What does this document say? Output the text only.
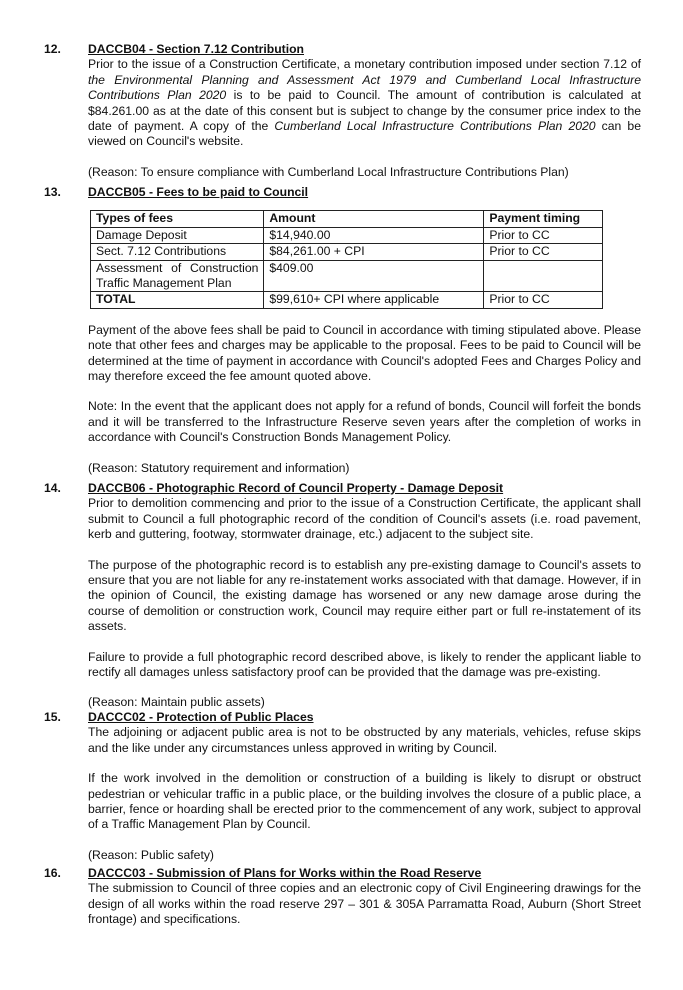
12. DACCB04 - Section 7.12 Contribution

Prior to the issue of a Construction Certificate, a monetary contribution imposed under section 7.12 of the Environmental Planning and Assessment Act 1979 and Cumberland Local Infrastructure Contributions Plan 2020 is to be paid to Council. The amount of contribution is calculated at $84.261.00 as at the date of this consent but is subject to change by the consumer price index to the date of payment. A copy of the Cumberland Local Infrastructure Contributions Plan 2020 can be viewed on Council's website.

(Reason: To ensure compliance with Cumberland Local Infrastructure Contributions Plan)

13. DACCB05 - Fees to be paid to Council
Types of fees	Amount	Payment timing
Damage Deposit	$14,940.00	Prior to CC
Sect. 7.12 Contributions	$84,261.00 + CPI	Prior to CC
Assessment of Construction Traffic Management Plan	$409.00	
TOTAL	$99,610+ CPI where applicable	Prior to CC

Payment of the above fees shall be paid to Council in accordance with timing stipulated above. Please note that other fees and charges may be applicable to the proposal. Fees to be paid to Council will be determined at the time of payment in accordance with Council's adopted Fees and Charges Policy and may therefore exceed the fee amount quoted above.

Note: In the event that the applicant does not apply for a refund of bonds, Council will forfeit the bonds and it will be transferred to the Infrastructure Reserve seven years after the completion of works in accordance with Council's Construction Bonds Management Policy.

(Reason: Statutory requirement and information)

14. DACCB06 - Photographic Record of Council Property - Damage Deposit

Prior to demolition commencing and prior to the issue of a Construction Certificate, the applicant shall submit to Council a full photographic record of the condition of Council's assets (i.e. road pavement, kerb and guttering, footway, stormwater drainage, etc.) adjacent to the subject site.

The purpose of the photographic record is to establish any pre-existing damage to Council's assets to ensure that you are not liable for any re-instatement works associated with that damage. However, if in the opinion of Council, the existing damage has worsened or any new damage arose during the course of demolition or construction work, Council may require either part or full re-instatement of its assets.

Failure to provide a full photographic record described above, is likely to render the applicant liable to rectify all damages unless satisfactory proof can be provided that the damage was pre-existing.

(Reason: Maintain public assets)

15. DACCC02 - Protection of Public Places

The adjoining or adjacent public area is not to be obstructed by any materials, vehicles, refuse skips and the like under any circumstances unless approved in writing by Council.

If the work involved in the demolition or construction of a building is likely to disrupt or obstruct pedestrian or vehicular traffic in a public place, or the building involves the closure of a public place, a barrier, fence or hoarding shall be erected prior to the commencement of any work, subject to approval of a Traffic Management Plan by Council.

(Reason: Public safety)

16. DACCC03 - Submission of Plans for Works within the Road Reserve

The submission to Council of three copies and an electronic copy of Civil Engineering drawings for the design of all works within the road reserve 297 – 301 & 305A Parramatta Road, Auburn (Short Street frontage) and specifications.
